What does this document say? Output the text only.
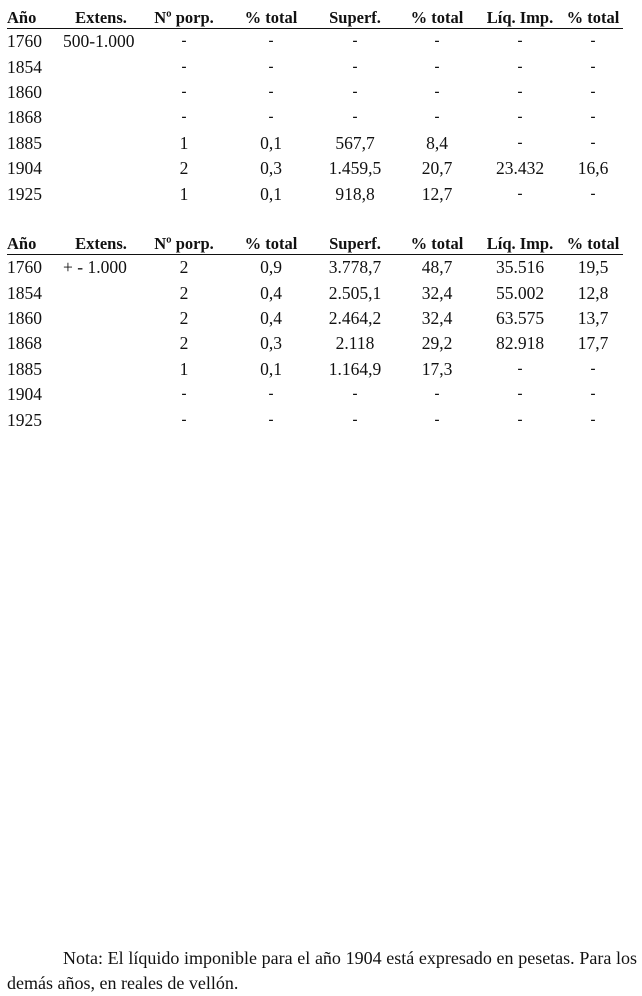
Año	Extens.	Nº porp.	% total	Superf.	% total	Líq. Imp.	% total
1760	500-1.000	-	-	-	-	-	-
1854		-	-	-	-	-	-
1860		-	-	-	-	-	-
1868		-	-	-	-	-	-
1885		1	0,1	567,7	8,4	-	-
1904		2	0,3	1.459,5	20,7	23.432	16,6
1925		1	0,1	918,8	12,7	-	-
Año	Extens.	Nº porp.	% total	Superf.	% total	Líq. Imp.	% total
1760	+ - 1.000	2	0,9	3.778,7	48,7	35.516	19,5
1854		2	0,4	2.505,1	32,4	55.002	12,8
1860		2	0,4	2.464,2	32,4	63.575	13,7
1868		2	0,3	2.118	29,2	82.918	17,7
1885		1	0,1	1.164,9	17,3	-	-
1904		-	-	-	-	-	-
1925		-	-	-	-	-	-

Nota: El líquido imponible para el año 1904 está expresado en pesetas. Para los demás años, en reales de vellón.
